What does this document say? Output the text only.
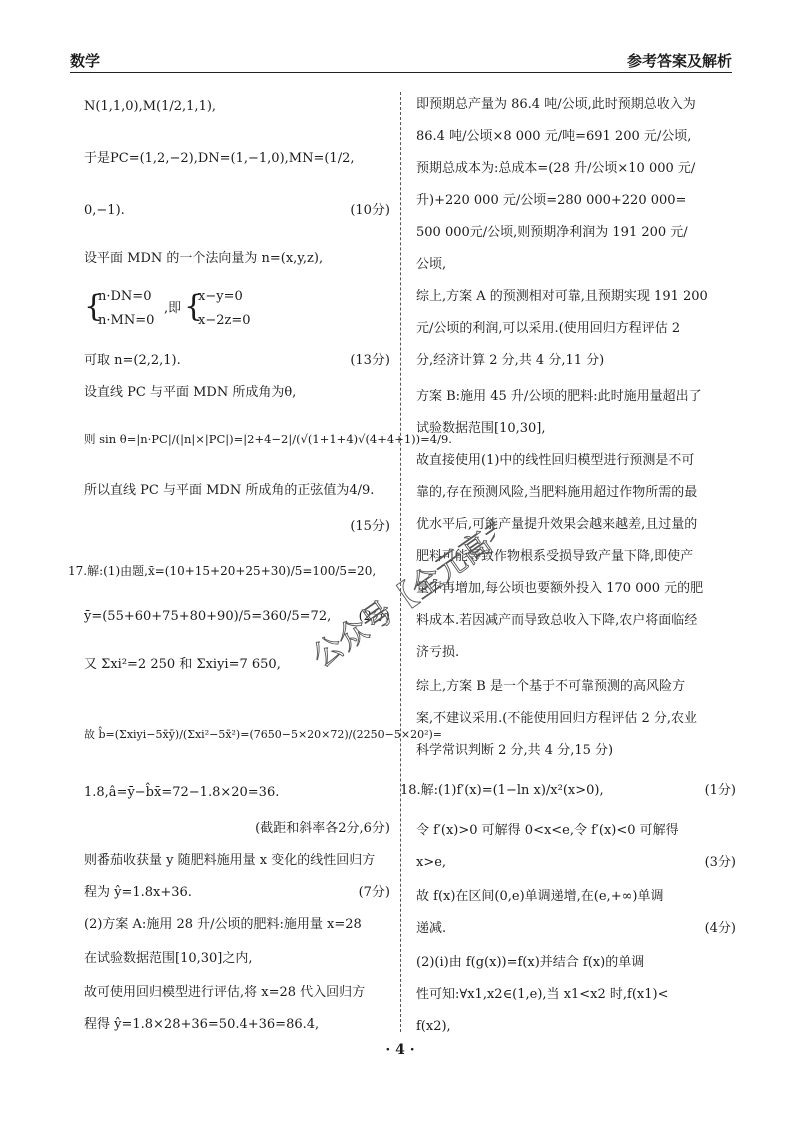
数学	参考答案及解析
N(1,1,0),M(1/2,1,1),
于是PC=(1,2,−2),DN=(1,−1,0),MN=(1/2,
0,−1).	(10分)
设平面 MDN 的一个法向量为 n=(x,y,z),
{
n·DN=0
n·MN=0
,即 {
x−y=0
x−2z=0
可取 n=(2,2,1).	(13分)
设直线 PC 与平面 MDN 所成角为θ,
则 sin θ=|n·PC|/(|n|×|PC|)=|2+4−2|/(√(1+1+4)√(4+4+1))=4/9.
所以直线 PC 与平面 MDN 所成角的正弦值为4/9.
(15分)
17.解:(1)由题,x̄=(10+15+20+25+30)/5=100/5=20,
ȳ=(55+60+75+80+90)/5=360/5=72, (2分)
又 Σxi²=2 250 和 Σxiyi=7 650,
故 b̂=(Σxiyi−5x̄ȳ)/(Σxi²−5x̄²)=(7650−5×20×72)/(2250−5×20²)=
1.8,â=ȳ−b̂x̄=72−1.8×20=36.
(截距和斜率各2分,6分)
则番茄收获量 y 随肥料施用量 x 变化的线性回归方
程为 ŷ=1.8x+36.	(7分)
(2)方案 A:施用 28 升/公顷的肥料:施用量 x=28
在试验数据范围[10,30]之内,
故可使用回归模型进行评估,将 x=28 代入回归方
程得 ŷ=1.8×28+36=50.4+36=86.4,
即预期总产量为 86.4 吨/公顷,此时预期总收入为
86.4 吨/公顷×8 000 元/吨=691 200 元/公顷,
预期总成本为:总成本=(28 升/公顷×10 000 元/
升)+220 000 元/公顷=280 000+220 000=
500 000元/公顷,则预期净利润为 191 200 元/
公顷,
综上,方案 A 的预测相对可靠,且预期实现 191 200
元/公顷的利润,可以采用.(使用回归方程评估 2
分,经济计算 2 分,共 4 分,11 分)
方案 B:施用 45 升/公顷的肥料:此时施用量超出了
试验数据范围[10,30],
故直接使用(1)中的线性回归模型进行预测是不可
靠的,存在预测风险,当肥料施用超过作物所需的最
优水平后,可能产量提升效果会越来越差,且过量的
肥料可能导致作物根系受损导致产量下降,即使产
量不再增加,每公顷也要额外投入 170 000 元的肥
料成本.若因减产而导致总收入下降,农户将面临经
济亏损.
综上,方案 B 是一个基于不可靠预测的高风险方
案,不建议采用.(不能使用回归方程评估 2 分,农业
科学常识判断 2 分,共 4 分,15 分)
18.解:(1)f′(x)=(1−ln x)/x²(x>0),	(1分)
令 f′(x)>0 可解得 0<x<e,令 f′(x)<0 可解得
x>e,	(3分)
故 f(x)在区间(0,e)单调递增,在(e,+∞)单调
递减.	(4分)
(2)(i)由 f(g(x))=f(x)并结合 f(x)的单调
性可知:∀x1,x2∈(1,e),当 x1<x2 时,f(x1)<
f(x2),
公众号【全元高考】
· 4 ·
